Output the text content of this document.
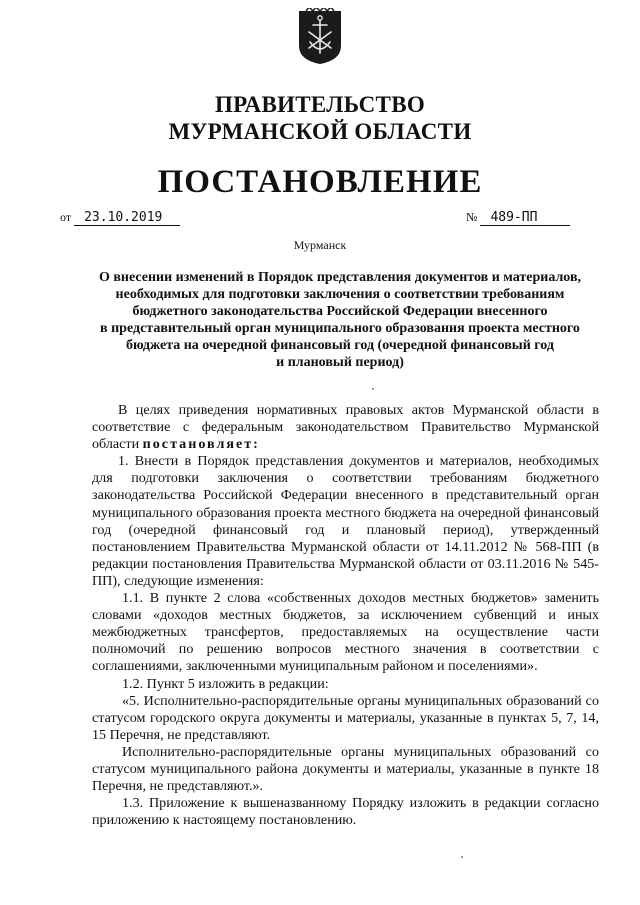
ПРАВИТЕЛЬСТВО
МУРМАНСКОЙ ОБЛАСТИ
ПОСТАНОВЛЕНИЕ
от 23.10.2019	№ 489-ПП
Мурманск
О внесении изменений в Порядок представления документов и материалов,
необходимых для подготовки заключения о соответствии требованиям
бюджетного законодательства Российской Федерации внесенного
в представительный орган муниципального образования проекта местного
бюджета на очередной финансовый год (очередной финансовый год
и плановый период)

В целях приведения нормативных правовых актов Мурманской области в соответствие с федеральным законодательством Правительство Мурманской области постановляет:

1. Внести в Порядок представления документов и материалов, необходимых для подготовки заключения о соответствии требованиям бюджетного законодательства Российской Федерации внесенного в представительный орган муниципального образования проекта местного бюджета на очередной финансовый год (очередной финансовый год и плановый период), утвержденный постановлением Правительства Мурманской области от 14.11.2012 № 568-ПП (в редакции постановления Правительства Мурманской области от 03.11.2016 № 545-ПП), следующие изменения:

1.1. В пункте 2 слова «собственных доходов местных бюджетов» заменить словами «доходов местных бюджетов, за исключением субвенций и иных межбюджетных трансфертов, предоставляемых на осуществление части полномочий по решению вопросов местного значения в соответствии с соглашениями, заключенными муниципальным районом и поселениями».

1.2. Пункт 5 изложить в редакции:

«5. Исполнительно-распорядительные органы муниципальных образований со статусом городского округа документы и материалы, указанные в пунктах 5, 7, 14, 15 Перечня, не представляют.

Исполнительно-распорядительные органы муниципальных образований со статусом муниципального района документы и материалы, указанные в пункте 18 Перечня, не представляют.».

1.3. Приложение к вышеназванному Порядку изложить в редакции согласно приложению к настоящему постановлению.
